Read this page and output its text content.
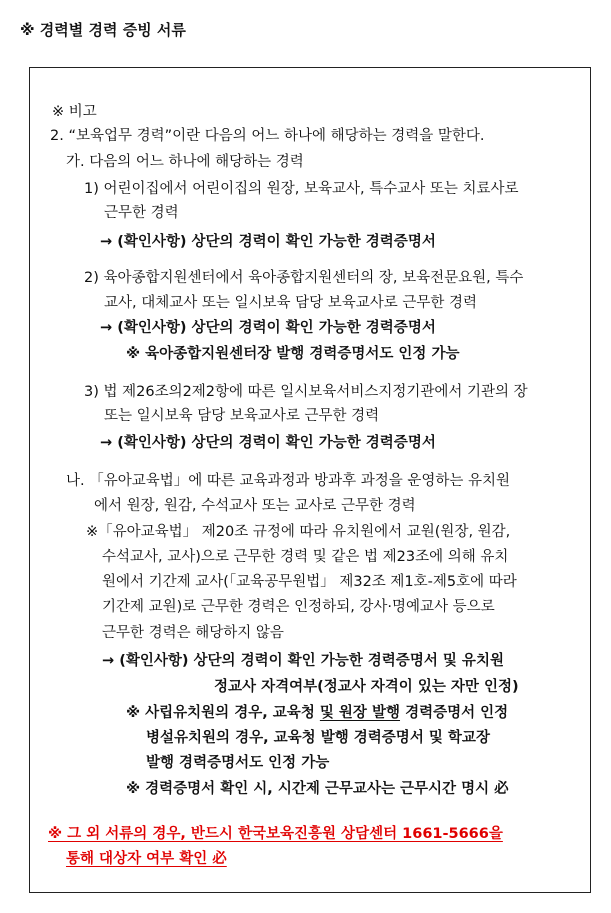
※ 경력별 경력 증빙 서류
※ 비고
2. “보육업무 경력”이란 다음의 어느 하나에 해당하는 경력을 말한다.
가. 다음의 어느 하나에 해당하는 경력
1) 어린이집에서 어린이집의 원장, 보육교사, 특수교사 또는 치료사로
근무한 경력
→ (확인사항) 상단의 경력이 확인 가능한 경력증명서
2) 육아종합지원센터에서 육아종합지원센터의 장, 보육전문요원, 특수
교사, 대체교사 또는 일시보육 담당 보육교사로 근무한 경력
→ (확인사항) 상단의 경력이 확인 가능한 경력증명서
※ 육아종합지원센터장 발행 경력증명서도 인정 가능
3) 법 제26조의2제2항에 따른 일시보육서비스지정기관에서 기관의 장
또는 일시보육 담당 보육교사로 근무한 경력
→ (확인사항) 상단의 경력이 확인 가능한 경력증명서
나. 「유아교육법」에 따른 교육과정과 방과후 과정을 운영하는 유치원
에서 원장, 원감, 수석교사 또는 교사로 근무한 경력
※「유아교육법」 제20조 규정에 따라 유치원에서 교원(원장, 원감,
수석교사, 교사)으로 근무한 경력 및 같은 법 제23조에 의해 유치
원에서 기간제 교사(「교육공무원법」 제32조 제1호-제5호에 따라
기간제 교원)로 근무한 경력은 인정하되, 강사·명예교사 등으로
근무한 경력은 해당하지 않음
→ (확인사항) 상단의 경력이 확인 가능한 경력증명서 및 유치원
정교사 자격여부(정교사 자격이 있는 자만 인정)
※ 사립유치원의 경우, 교육청 및 원장 발행 경력증명서 인정
병설유치원의 경우, 교육청 발행 경력증명서 및 학교장
발행 경력증명서도 인정 가능
※ 경력증명서 확인 시, 시간제 근무교사는 근무시간 명시 必
※ 그 외 서류의 경우, 반드시 한국보육진흥원 상담센터 1661-5666을
통해 대상자 여부 확인 必
